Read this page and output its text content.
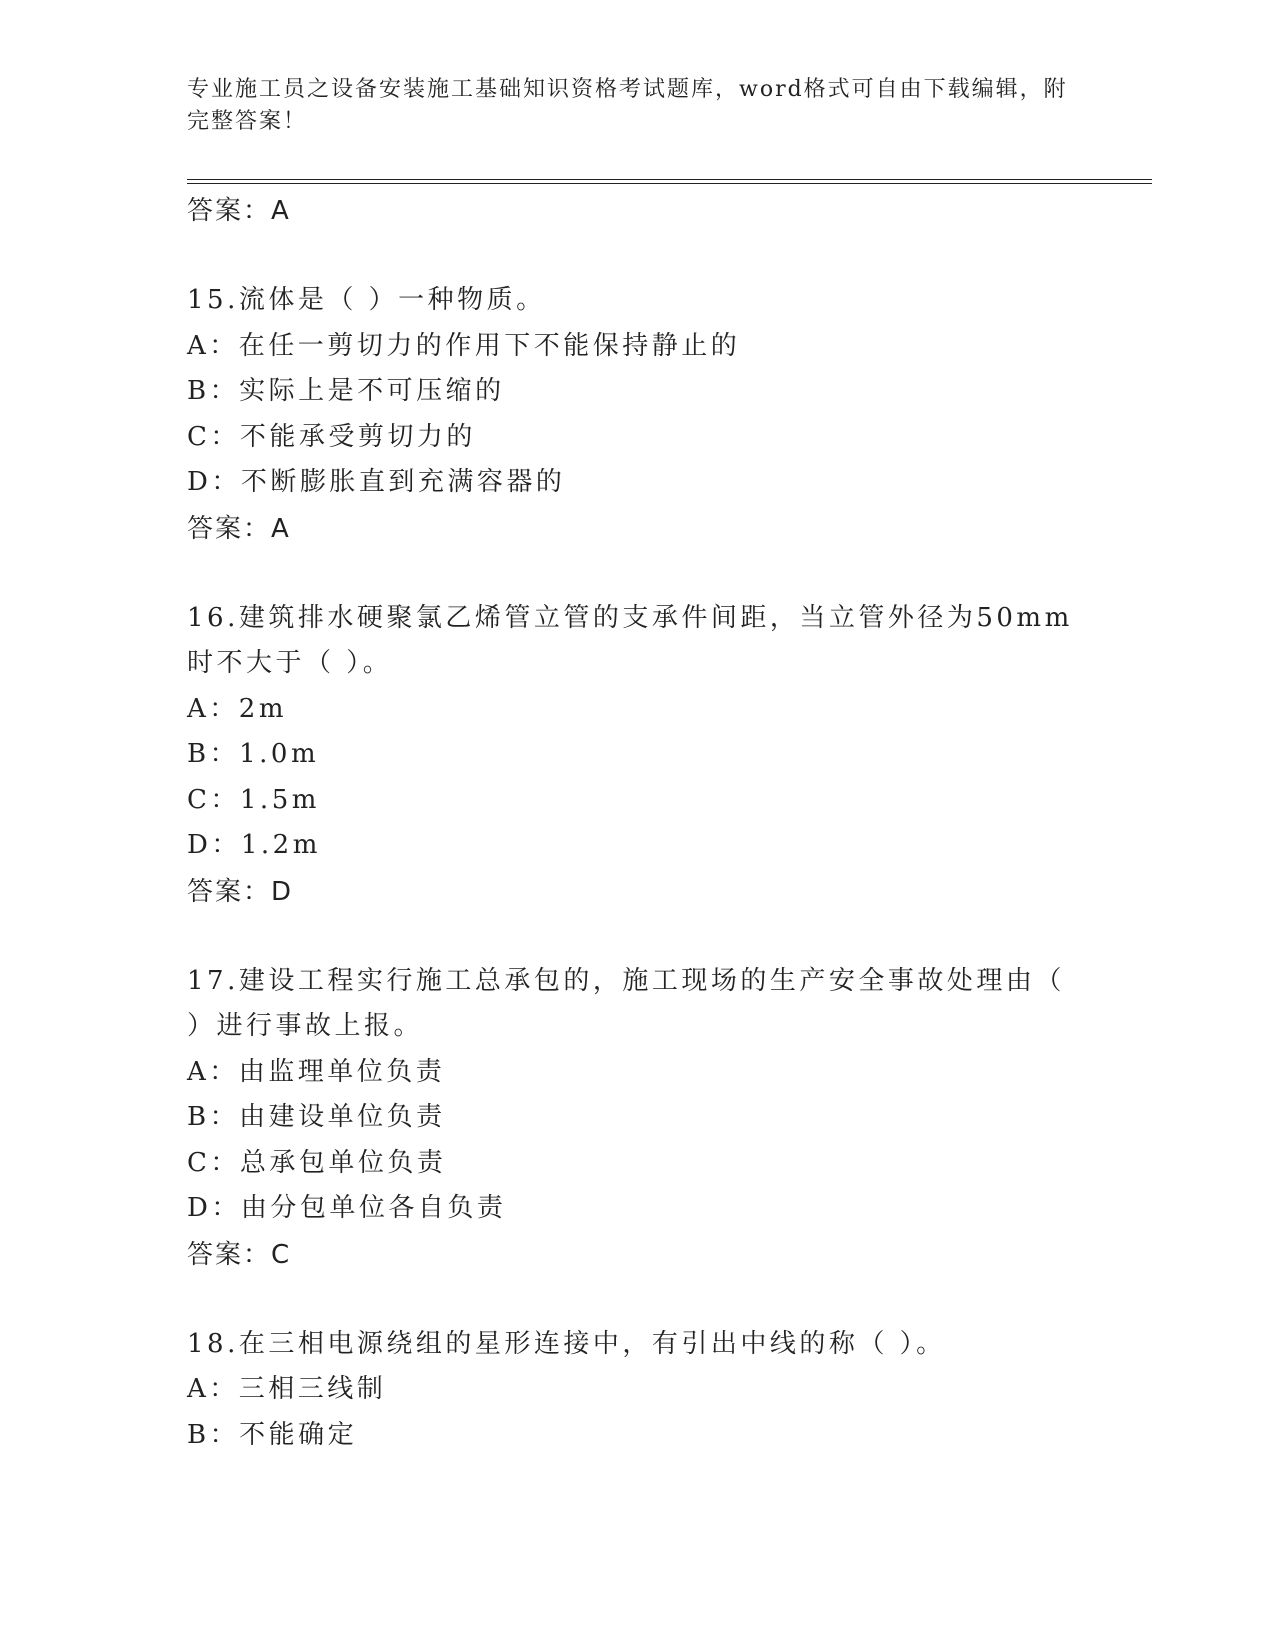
专业施工员之设备安装施工基础知识资格考试题库，word格式可自由下载编辑，附完整答案！
答案：A
15.流体是（ ）一种物质。
A：在任一剪切力的作用下不能保持静止的
B：实际上是不可压缩的
C：不能承受剪切力的
D：不断膨胀直到充满容器的
答案：A
16.建筑排水硬聚氯乙烯管立管的支承件间距，当立管外径为50mm时不大于（ ）。
A：2m
B：1.0m
C：1.5m
D：1.2m
答案：D
17.建设工程实行施工总承包的，施工现场的生产安全事故处理由（ ）进行事故上报。
A：由监理单位负责
B：由建设单位负责
C：总承包单位负责
D：由分包单位各自负责
答案：C
18.在三相电源绕组的星形连接中，有引出中线的称（ ）。
A：三相三线制
B：不能确定
